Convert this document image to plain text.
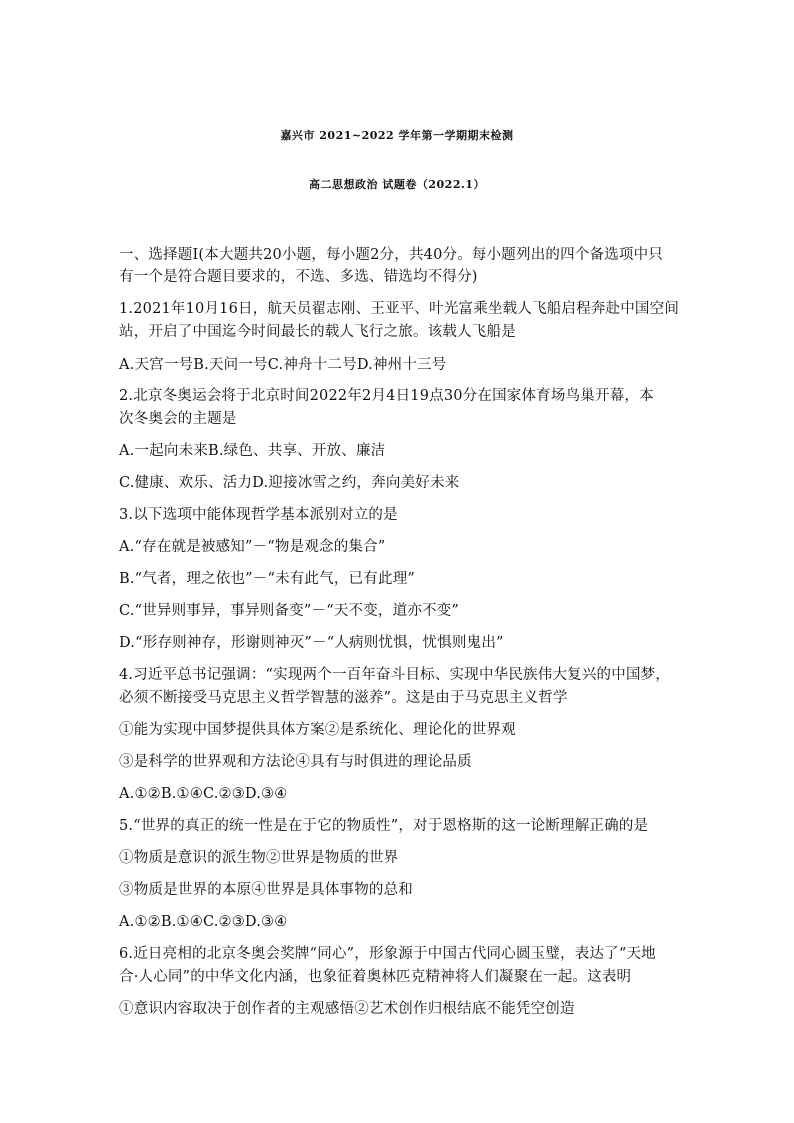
嘉兴市 2021~2022 学年第一学期期末检测
高二思想政治 试题卷（2022.1）
一、选择题I(本大题共20小题，每小题2分，共40分。每小题列出的四个备选项中只
有一个是符合题目要求的，不选、多选、错选均不得分)
1.2021年10月16日，航天员翟志刚、王亚平、叶光富乘坐载人飞船启程奔赴中国空间
站，开启了中国迄今时间最长的载人飞行之旅。该载人飞船是
A.天宫一号B.天问一号C.神舟十二号D.神州十三号
2.北京冬奥运会将于北京时间2022年2月4日19点30分在国家体育场鸟巢开幕，本
次冬奥会的主题是
A.一起向未来B.绿色、共享、开放、廉洁
C.健康、欢乐、活力D.迎接冰雪之约，奔向美好未来
3.以下选项中能体现哲学基本派别对立的是
A.“存在就是被感知”－“物是观念的集合”
B.“气者，理之依也”－“未有此气，已有此理”
C.“世异则事异，事异则备变”－“天不变，道亦不变”
D.“形存则神存，形谢则神灭”－“人病则忧惧，忧惧则鬼出”
4.习近平总书记强调：“实现两个一百年奋斗目标、实现中华民族伟大复兴的中国梦，
必须不断接受马克思主义哲学智慧的滋养”。这是由于马克思主义哲学
①能为实现中国梦提供具体方案②是系统化、理论化的世界观
③是科学的世界观和方法论④具有与时俱进的理论品质
A.①②B.①④C.②③D.③④
5.“世界的真正的统一性是在于它的物质性”，对于恩格斯的这一论断理解正确的是
①物质是意识的派生物②世界是物质的世界
③物质是世界的本原④世界是具体事物的总和
A.①②B.①④C.②③D.③④
6.近日亮相的北京冬奥会奖牌“同心”，形象源于中国古代同心圆玉璧，表达了“天地
合·人心同”的中华文化内涵，也象征着奥林匹克精神将人们凝聚在一起。这表明
①意识内容取决于创作者的主观感悟②艺术创作归根结底不能凭空创造
